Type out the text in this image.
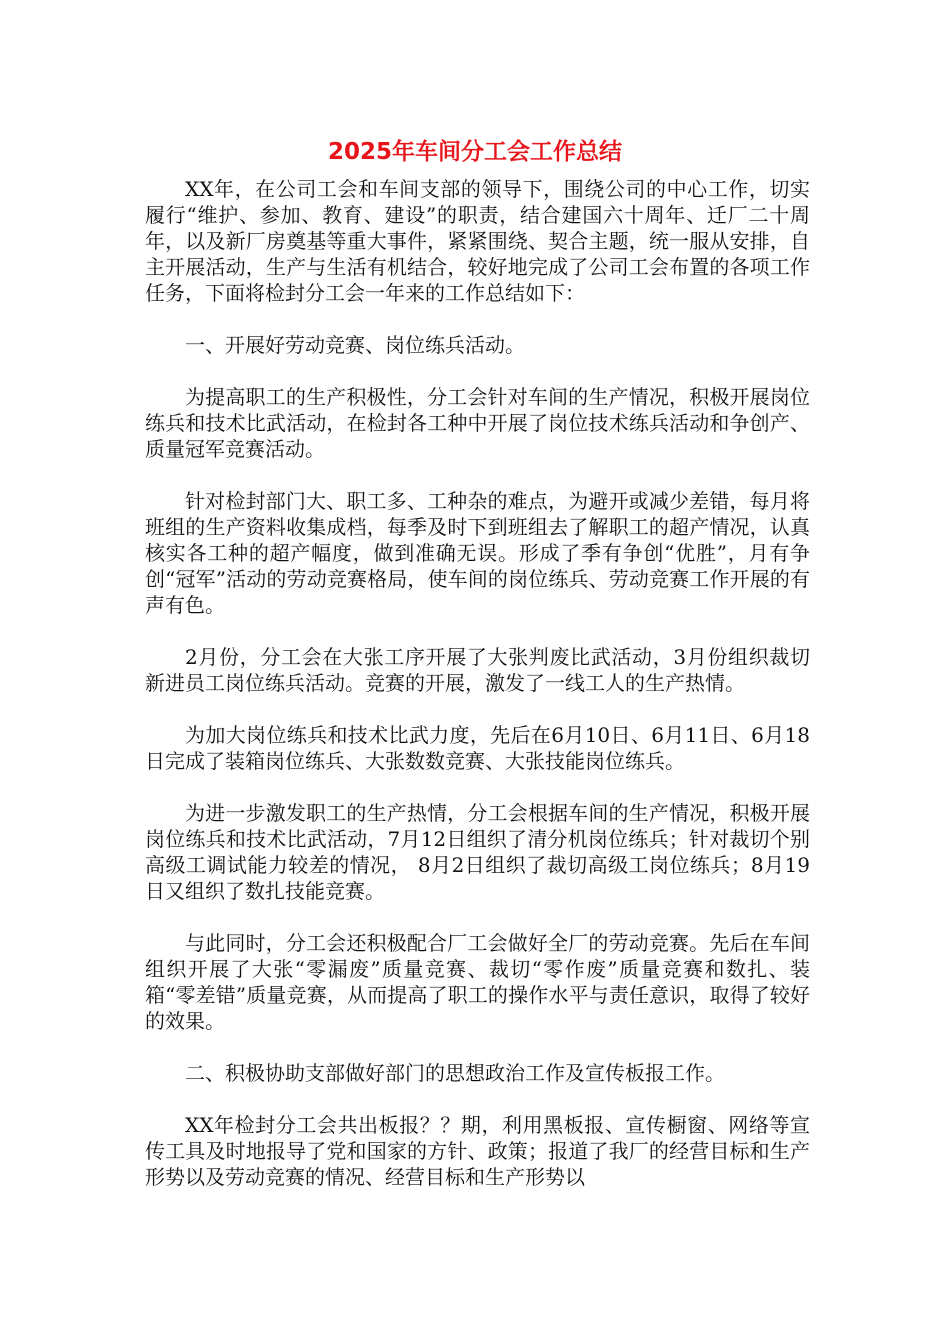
2025年车间分工会工作总结

XX年，在公司工会和车间支部的领导下，围绕公司的中心工作，切实履行“维护、参加、教育、建设”的职责，结合建国六十周年、迁厂二十周年，以及新厂房奠基等重大事件，紧紧围绕、契合主题，统一服从安排，自主开展活动，生产与生活有机结合，较好地完成了公司工会布置的各项工作任务，下面将检封分工会一年来的工作总结如下：

一、开展好劳动竞赛、岗位练兵活动。

为提高职工的生产积极性，分工会针对车间的生产情况，积极开展岗位练兵和技术比武活动，在检封各工种中开展了岗位技术练兵活动和争创产、质量冠军竞赛活动。

针对检封部门大、职工多、工种杂的难点，为避开或减少差错，每月将班组的生产资料收集成档，每季及时下到班组去了解职工的超产情况，认真核实各工种的超产幅度，做到准确无误。形成了季有争创“优胜”，月有争创“冠军”活动的劳动竞赛格局，使车间的岗位练兵、劳动竞赛工作开展的有声有色。

2月份，分工会在大张工序开展了大张判废比武活动，3月份组织裁切新进员工岗位练兵活动。竞赛的开展，激发了一线工人的生产热情。

为加大岗位练兵和技术比武力度，先后在6月10日、6月11日、6月18日完成了装箱岗位练兵、大张数数竞赛、大张技能岗位练兵。

为进一步激发职工的生产热情，分工会根据车间的生产情况，积极开展岗位练兵和技术比武活动，7月12日组织了清分机岗位练兵；针对裁切个别高级工调试能力较差的情况， 8月2日组织了裁切高级工岗位练兵；8月19日又组织了数扎技能竞赛。

与此同时，分工会还积极配合厂工会做好全厂的劳动竞赛。先后在车间组织开展了大张“零漏废”质量竞赛、裁切“零作废”质量竞赛和数扎、装箱“零差错”质量竞赛，从而提高了职工的操作水平与责任意识，取得了较好的效果。

二、积极协助支部做好部门的思想政治工作及宣传板报工作。

XX年检封分工会共出板报？？期，利用黑板报、宣传橱窗、网络等宣传工具及时地报导了党和国家的方针、政策；报道了我厂的经营目标和生产形势以及劳动竞赛的情况、经营目标和生产形势以
